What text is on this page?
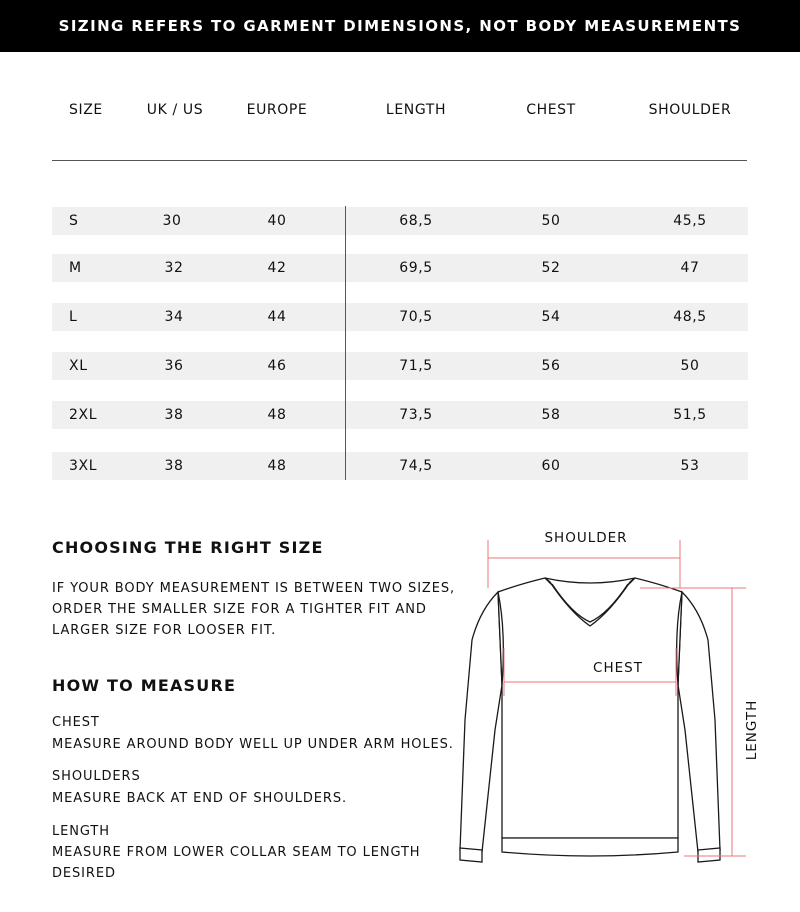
SIZING REFERS TO GARMENT DIMENSIONS, NOT BODY MEASUREMENTS
SIZE	UK / US	EUROPE	LENGTH	CHEST	SHOULDER
S	30	40	68,5	50	45,5
M	32	42	69,5	52	47
L	34	44	70,5	54	48,5
XL	36	46	71,5	56	50
2XL	38	48	73,5	58	51,5
3XL	38	48	74,5	60	53
CHOOSING THE RIGHT SIZE
IF YOUR BODY MEASUREMENT IS BETWEEN TWO SIZES,
ORDER THE SMALLER SIZE FOR A TIGHTER FIT AND
LARGER SIZE FOR LOOSER FIT.
HOW TO MEASURE
CHEST
MEASURE AROUND BODY WELL UP UNDER ARM HOLES.
SHOULDERS
MEASURE BACK AT END OF SHOULDERS.
LENGTH
MEASURE FROM LOWER COLLAR SEAM TO LENGTH
DESIRED
SHOULDER
CHEST
LENGTH
